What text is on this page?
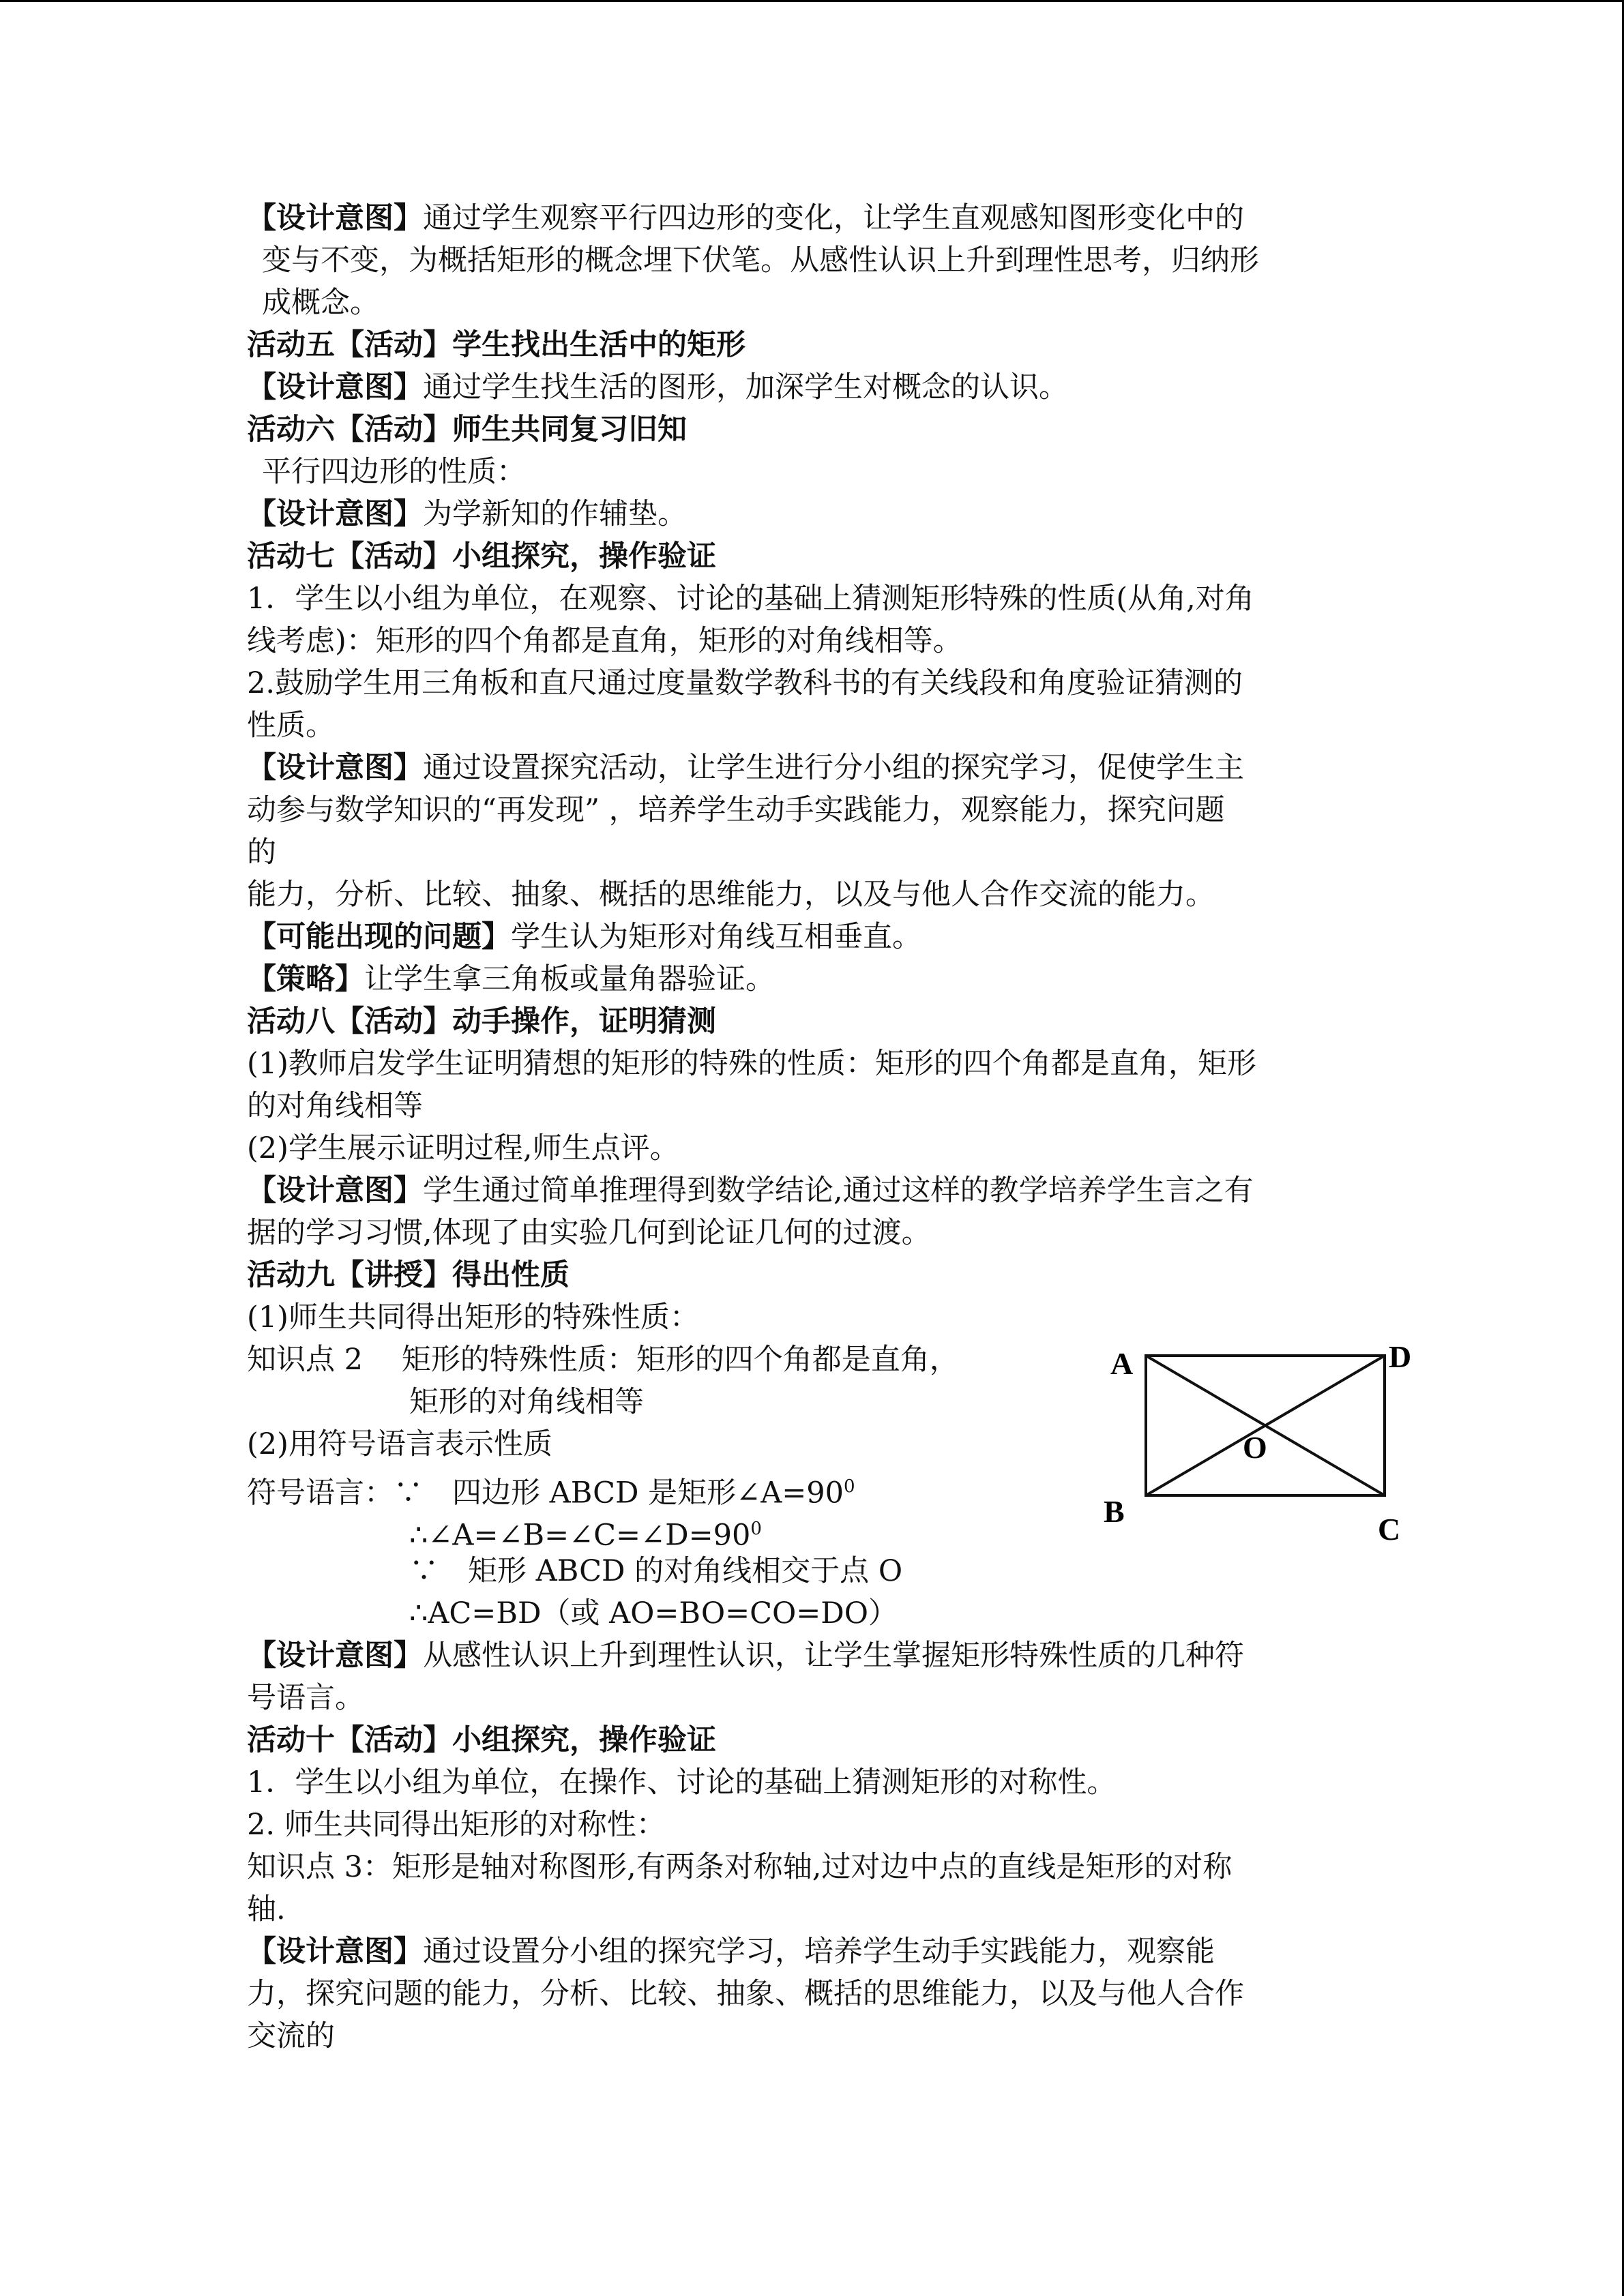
【设计意图】通过学生观察平行四边形的变化，让学生直观感知图形变化中的
变与不变，为概括矩形的概念埋下伏笔。从感性认识上升到理性思考，归纳形
成概念。
活动五【活动】学生找出生活中的矩形
【设计意图】通过学生找生活的图形，加深学生对概念的认识。
活动六【活动】师生共同复习旧知
平行四边形的性质：
【设计意图】为学新知的作辅垫。
活动七【活动】小组探究，操作验证
1．学生以小组为单位，在观察、讨论的基础上猜测矩形特殊的性质(从角,对角
线考虑)：矩形的四个角都是直角，矩形的对角线相等。
2.鼓励学生用三角板和直尺通过度量数学教科书的有关线段和角度验证猜测的
性质。
【设计意图】通过设置探究活动，让学生进行分小组的探究学习，促使学生主
动参与数学知识的“再发现” ，培养学生动手实践能力，观察能力，探究问题
的
能力，分析、比较、抽象、概括的思维能力，以及与他人合作交流的能力。
【可能出现的问题】学生认为矩形对角线互相垂直。
【策略】让学生拿三角板或量角器验证。
活动八【活动】动手操作，证明猜测
(1)教师启发学生证明猜想的矩形的特殊的性质：矩形的四个角都是直角，矩形
的对角线相等
(2)学生展示证明过程,师生点评。
【设计意图】学生通过简单推理得到数学结论,通过这样的教学培养学生言之有
据的学习习惯,体现了由实验几何到论证几何的过渡。
活动九【讲授】得出性质
(1)师生共同得出矩形的特殊性质：
知识点 2　 矩形的特殊性质：矩形的四个角都是直角，
矩形的对角线相等
(2)用符号语言表示性质
符号语言：∵　四边形 ABCD 是矩形$\angle A=90^0$
$\therefore\angle A=\angle B=\angle C=\angle D=90^0$
∵　矩形 ABCD 的对角线相交于点 O
∴AC=BD（或 AO=BO=CO=DO）
【设计意图】从感性认识上升到理性认识，让学生掌握矩形特殊性质的几种符
号语言。
活动十【活动】小组探究，操作验证
1．学生以小组为单位，在操作、讨论的基础上猜测矩形的对称性。
2. 师生共同得出矩形的对称性：
知识点 3：矩形是轴对称图形,有两条对称轴,过对边中点的直线是矩形的对称
轴.
【设计意图】通过设置分小组的探究学习，培养学生动手实践能力，观察能
力，探究问题的能力，分析、比较、抽象、概括的思维能力，以及与他人合作
交流的
A	D
O
B
C
